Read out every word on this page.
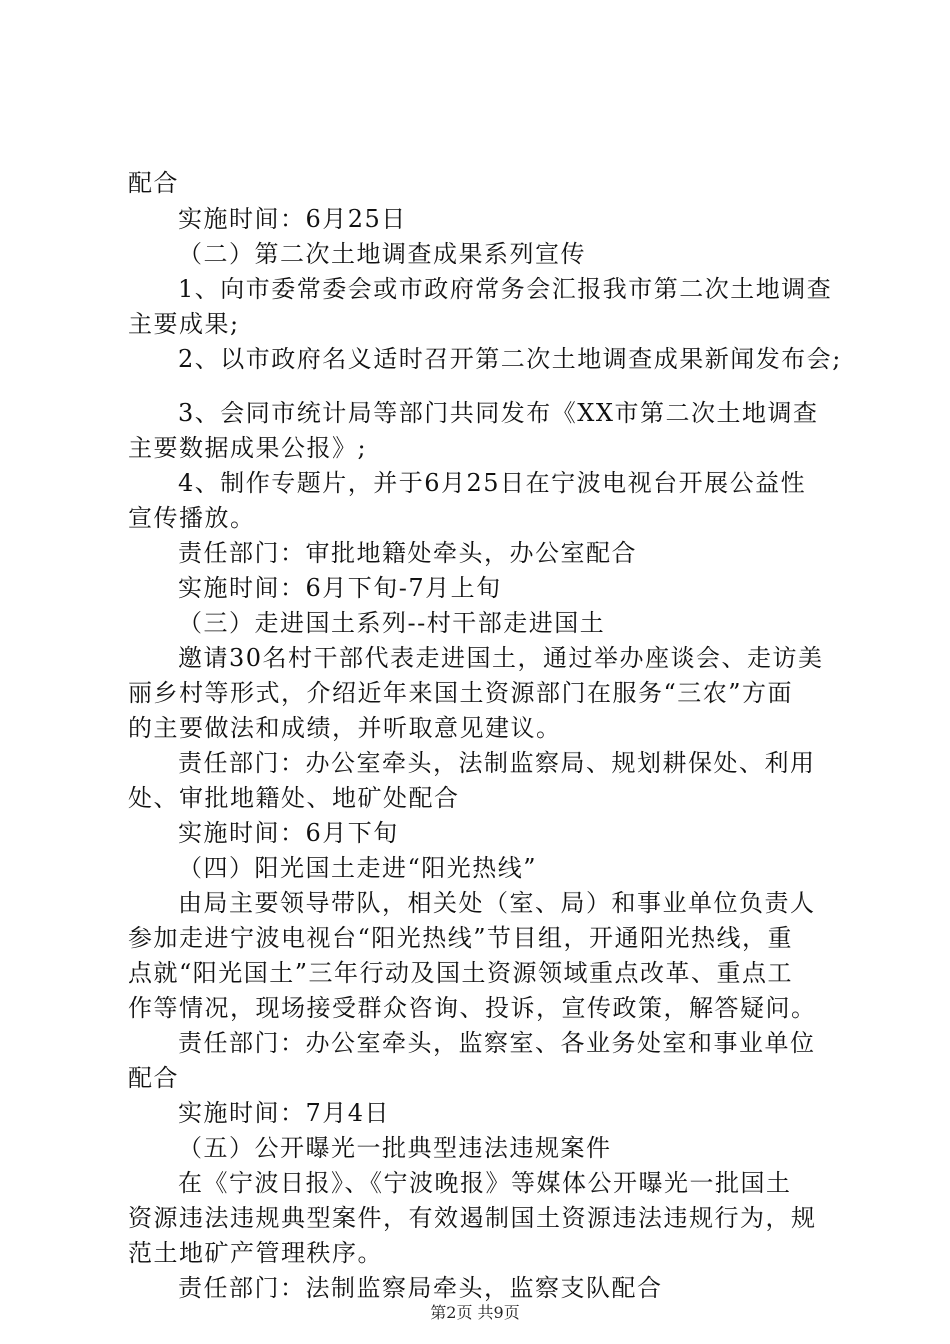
配合
实施时间：6月25日
（二）第二次土地调查成果系列宣传
1、向市委常委会或市政府常务会汇报我市第二次土地调查
主要成果;
2、以市政府名义适时召开第二次土地调查成果新闻发布会;
3、会同市统计局等部门共同发布《XX市第二次土地调查
主要数据成果公报》;
4、制作专题片，并于6月25日在宁波电视台开展公益性
宣传播放。
责任部门：审批地籍处牵头，办公室配合
实施时间：6月下旬-7月上旬
（三）走进国土系列--村干部走进国土
邀请30名村干部代表走进国土，通过举办座谈会、走访美
丽乡村等形式，介绍近年来国土资源部门在服务“三农”方面
的主要做法和成绩，并听取意见建议。
责任部门：办公室牵头，法制监察局、规划耕保处、利用
处、审批地籍处、地矿处配合
实施时间：6月下旬
（四）阳光国土走进“阳光热线”
由局主要领导带队，相关处（室、局）和事业单位负责人
参加走进宁波电视台“阳光热线”节目组，开通阳光热线，重
点就“阳光国土”三年行动及国土资源领域重点改革、重点工
作等情况，现场接受群众咨询、投诉，宣传政策，解答疑问。
责任部门：办公室牵头，监察室、各业务处室和事业单位
配合
实施时间：7月4日
（五）公开曝光一批典型违法违规案件
在《宁波日报》、《宁波晚报》等媒体公开曝光一批国土
资源违法违规典型案件，有效遏制国土资源违法违规行为，规
范土地矿产管理秩序。
责任部门：法制监察局牵头，监察支队配合
第2页 共9页
